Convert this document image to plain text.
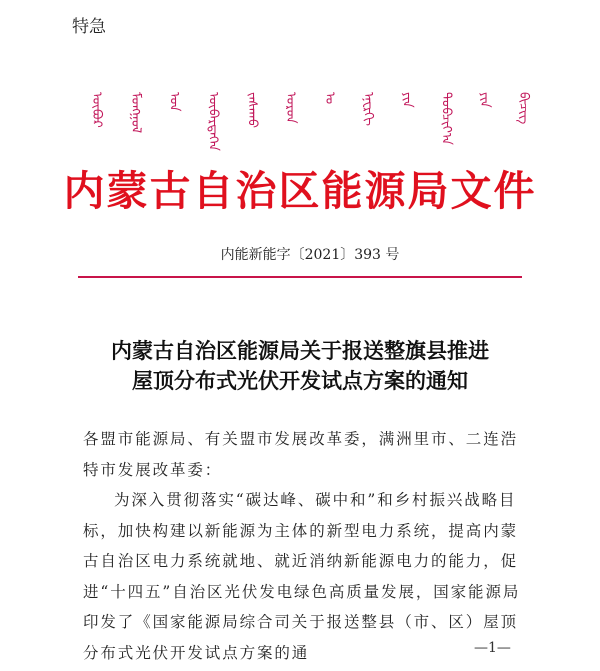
特急
ᠥᠪᠥᠷ ᠮᠣᠩᠭᠣᠯ ᠤᠨ ᠥᠪᠡᠷᠲᠡᠭᠡᠨ ᠵᠠᠰᠠᠬᠤ ᠣᠷᠣᠨ ᠤ ᠡᠨᠧᠷᠭᠢ ᠶᠢᠨ ᠲᠣᠪᠴᠢᠶ᠎ᠠ ᠶᠢᠨ ᠪᠢᠴᠢᠭ
内蒙古自治区能源局文件
内能新能字〔2021〕393 号
内蒙古自治区能源局关于报送整旗县推进
屋顶分布式光伏开发试点方案的通知

各盟市能源局、有关盟市发展改革委，满洲里市、二连浩特市发展改革委：

为深入贯彻落实“碳达峰、碳中和”和乡村振兴战略目标，加快构建以新能源为主体的新型电力系统，提高内蒙古自治区电力系统就地、就近消纳新能源电力的能力，促进“十四五”自治区光伏发电绿色高质量发展，国家能源局印发了《国家能源局综合司关于报送整县（市、区）屋顶分布式光伏开发试点方案的通	—1—
